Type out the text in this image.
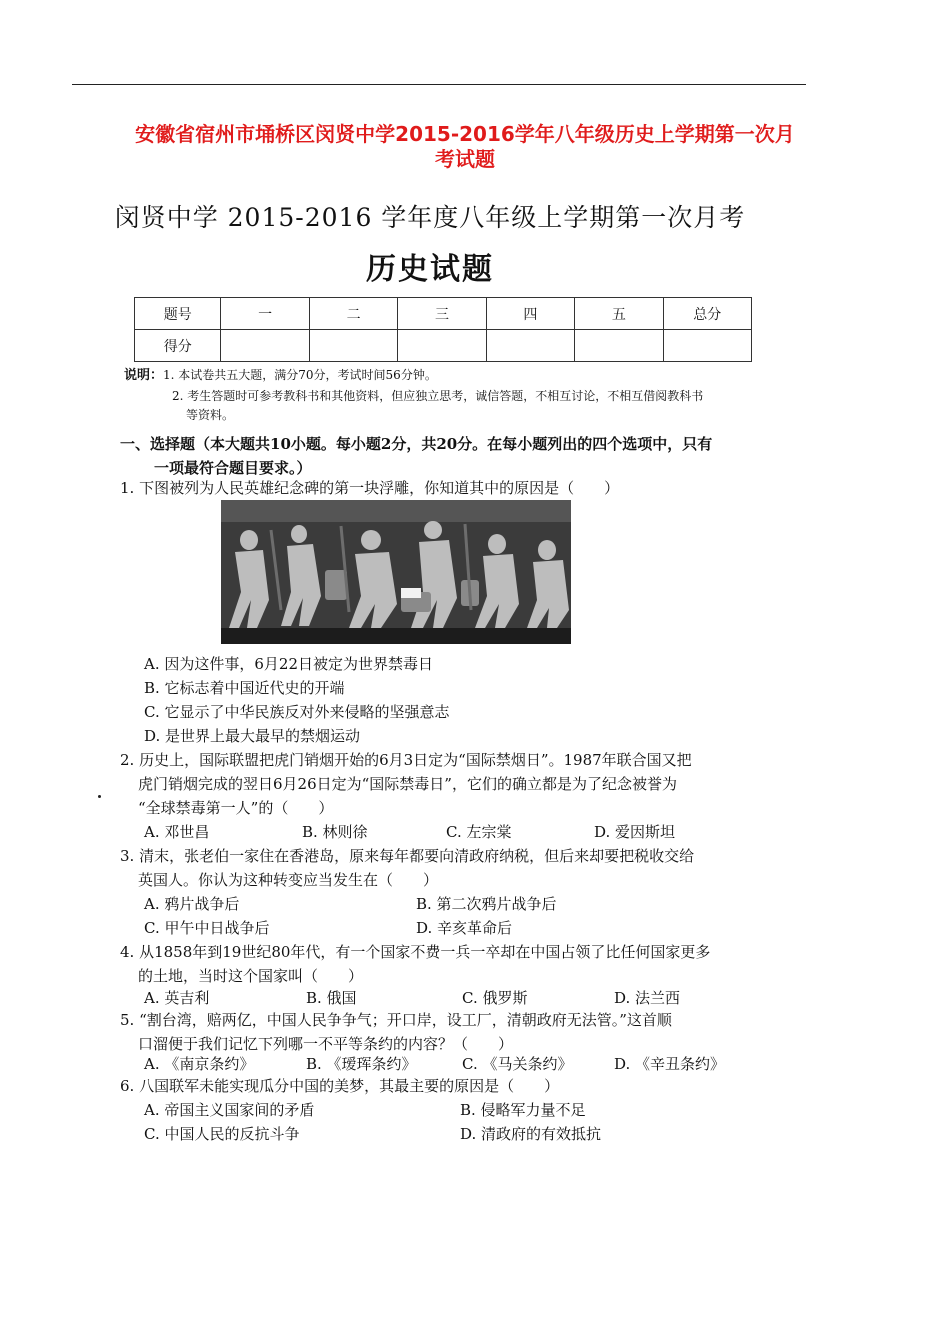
安徽省宿州市埇桥区闵贤中学2015-2016学年八年级历史上学期第一次月
考试题
闵贤中学 2015-2016 学年度八年级上学期第一次月考
历史试题
题号	一	二	三	四	五	总分
得分						
说明：1. 本试卷共五大题，满分70分，考试时间56分钟。
2. 考生答题时可参考教科书和其他资料，但应独立思考，诚信答题，不相互讨论，不相互借阅教科书
等资料。
一、选择题（本大题共10小题。每小题2分，共20分。在每小题列出的四个选项中，只有
一项最符合题目要求。）
1. 下图被列为人民英雄纪念碑的第一块浮雕，你知道其中的原因是（　　）
A. 因为这件事，6月22日被定为世界禁毒日
B. 它标志着中国近代史的开端
C. 它显示了中华民族反对外来侵略的坚强意志
D. 是世界上最大最早的禁烟运动
2. 历史上，国际联盟把虎门销烟开始的6月3日定为“国际禁烟日”。1987年联合国又把
虎门销烟完成的翌日6月26日定为“国际禁毒日”，它们的确立都是为了纪念被誉为
“全球禁毒第一人”的（　　）
A. 邓世昌	B. 林则徐	C. 左宗棠	D. 爱因斯坦
3. 清末，张老伯一家住在香港岛，原来每年都要向清政府纳税，但后来却要把税收交给
英国人。你认为这种转变应当发生在（　　）
A. 鸦片战争后	B. 第二次鸦片战争后
C. 甲午中日战争后	D. 辛亥革命后
4. 从1858年到19世纪80年代，有一个国家不费一兵一卒却在中国占领了比任何国家更多
的土地，当时这个国家叫（　　）
A. 英吉利	B. 俄国	C. 俄罗斯	D. 法兰西
5. “割台湾，赔两亿，中国人民争争气；开口岸，设工厂，清朝政府无法管。”这首顺
口溜便于我们记忆下列哪一不平等条约的内容？（　　）
A. 《南京条约》	B. 《瑷珲条约》	C. 《马关条约》	D. 《辛丑条约》
6. 八国联军未能实现瓜分中国的美梦，其最主要的原因是（　　）
A. 帝国主义国家间的矛盾	B. 侵略军力量不足
C. 中国人民的反抗斗争	D. 清政府的有效抵抗
